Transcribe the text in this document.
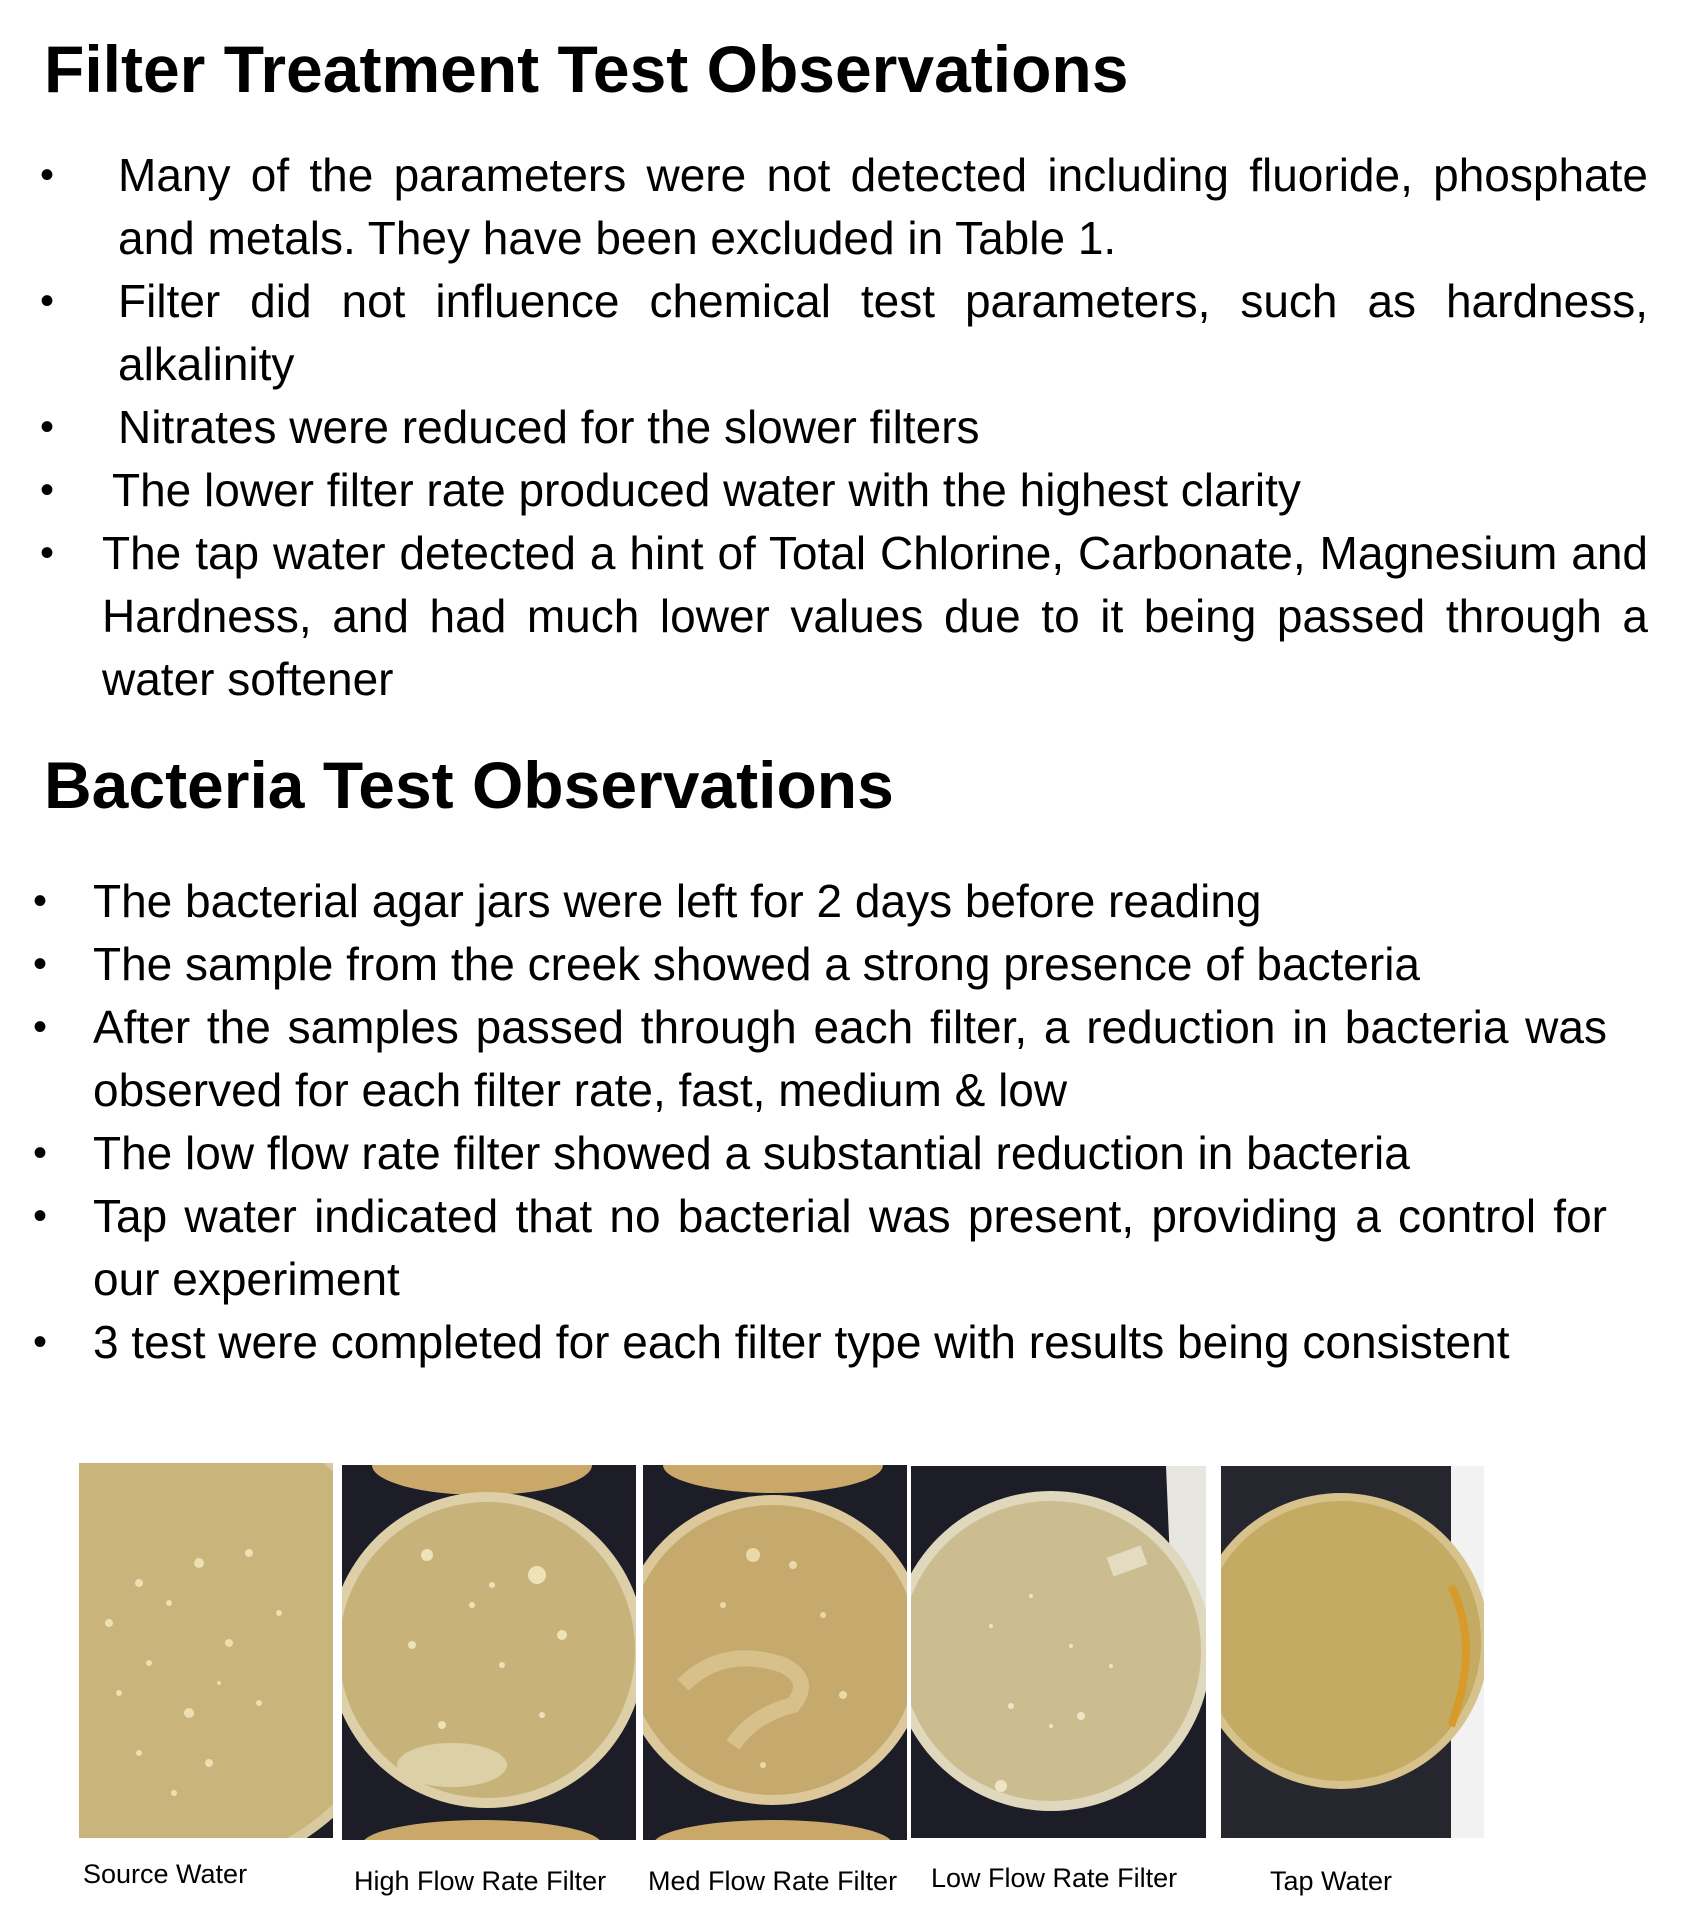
Filter Treatment Test Observations
• Many of the parameters were not detected including fluoride, phosphate and metals. They have been excluded in Table 1.
• Filter did not influence chemical test parameters, such as hardness, alkalinity
• Nitrates were reduced for the slower filters
• The lower filter rate produced water with the highest clarity
• The tap water detected a hint of Total Chlorine, Carbonate, Magnesium and Hardness, and had much lower values due to it being passed through a water softener
Bacteria Test Observations
• The bacterial agar jars were left for 2 days before reading
• The sample from the creek showed a strong presence of bacteria
• After the samples passed through each filter, a reduction in bacteria was observed for each filter rate, fast, medium & low
• The low flow rate filter showed a substantial reduction in bacteria
• Tap water indicated that no bacterial was present, providing a control for our experiment
• 3 test were completed for each filter type with results being consistent
Source Water	High Flow Rate Filter Med Flow Rate Filter Low Flow Rate Filter	Tap Water
